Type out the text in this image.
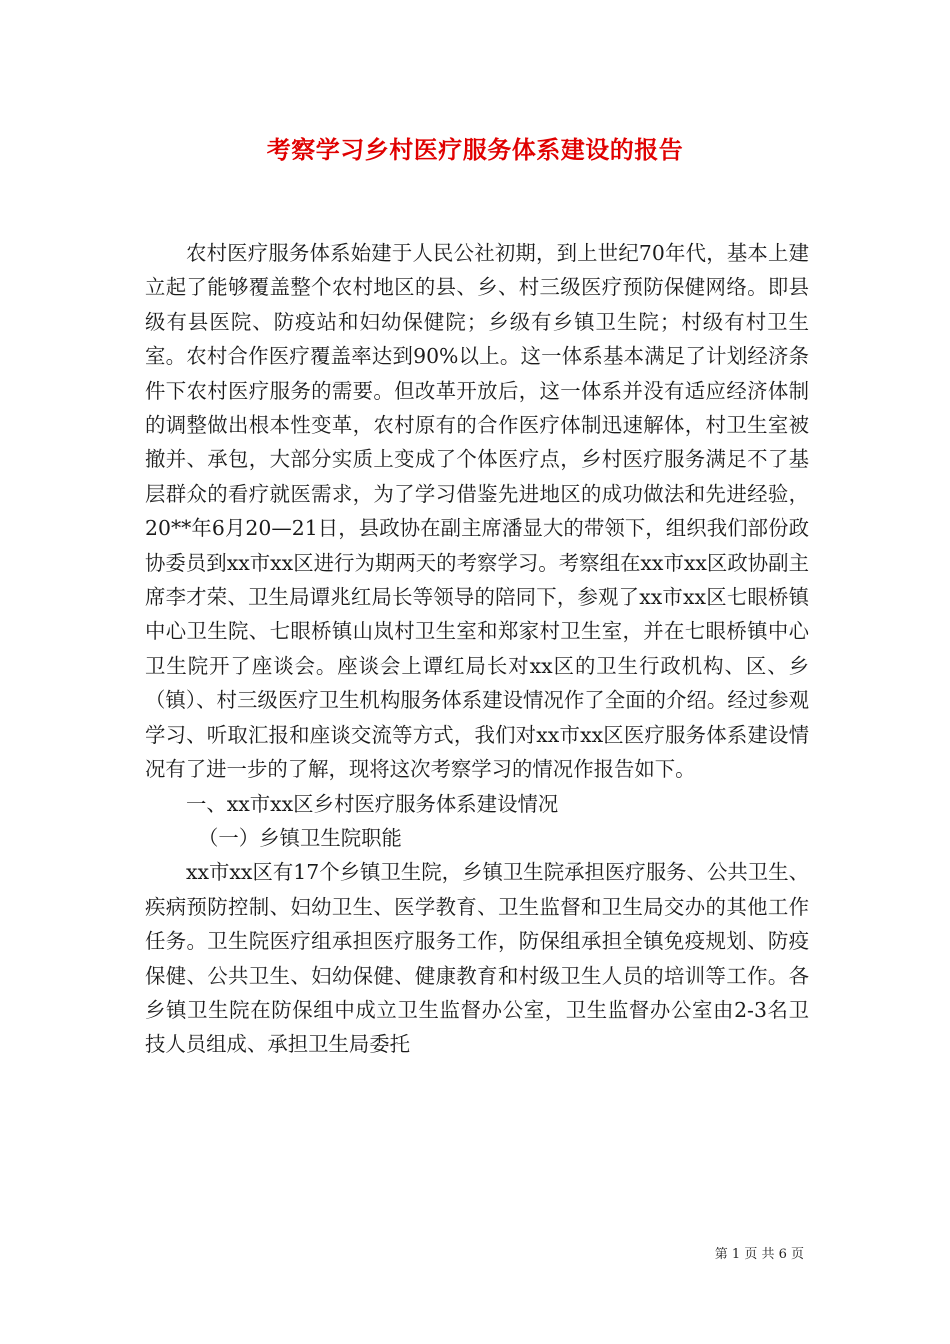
考察学习乡村医疗服务体系建设的报告

农村医疗服务体系始建于人民公社初期，到上世纪70年代，基本上建立起了能够覆盖整个农村地区的县、乡、村三级医疗预防保健网络。即县级有县医院、防疫站和妇幼保健院；乡级有乡镇卫生院；村级有村卫生室。农村合作医疗覆盖率达到90%以上。这一体系基本满足了计划经济条件下农村医疗服务的需要。但改革开放后，这一体系并没有适应经济体制的调整做出根本性变革，农村原有的合作医疗体制迅速解体，村卫生室被撤并、承包，大部分实质上变成了个体医疗点，乡村医疗服务满足不了基层群众的看疗就医需求，为了学习借鉴先进地区的成功做法和先进经验，20**年6月20—21日，县政协在副主席潘显大的带领下，组织我们部份政协委员到xx市xx区进行为期两天的考察学习。考察组在xx市xx区政协副主席李才荣、卫生局谭兆红局长等领导的陪同下，参观了xx市xx区七眼桥镇中心卫生院、七眼桥镇山岚村卫生室和郑家村卫生室，并在七眼桥镇中心卫生院开了座谈会。座谈会上谭红局长对xx区的卫生行政机构、区、乡（镇）、村三级医疗卫生机构服务体系建设情况作了全面的介绍。经过参观学习、听取汇报和座谈交流等方式，我们对xx市xx区医疗服务体系建设情况有了进一步的了解，现将这次考察学习的情况作报告如下。

一、xx市xx区乡村医疗服务体系建设情况

（一）乡镇卫生院职能

xx市xx区有17个乡镇卫生院，乡镇卫生院承担医疗服务、公共卫生、疾病预防控制、妇幼卫生、医学教育、卫生监督和卫生局交办的其他工作任务。卫生院医疗组承担医疗服务工作，防保组承担全镇免疫规划、防疫保健、公共卫生、妇幼保健、健康教育和村级卫生人员的培训等工作。各乡镇卫生院在防保组中成立卫生监督办公室，卫生监督办公室由2-3名卫技人员组成、承担卫生局委托

第 1 页 共 6 页
